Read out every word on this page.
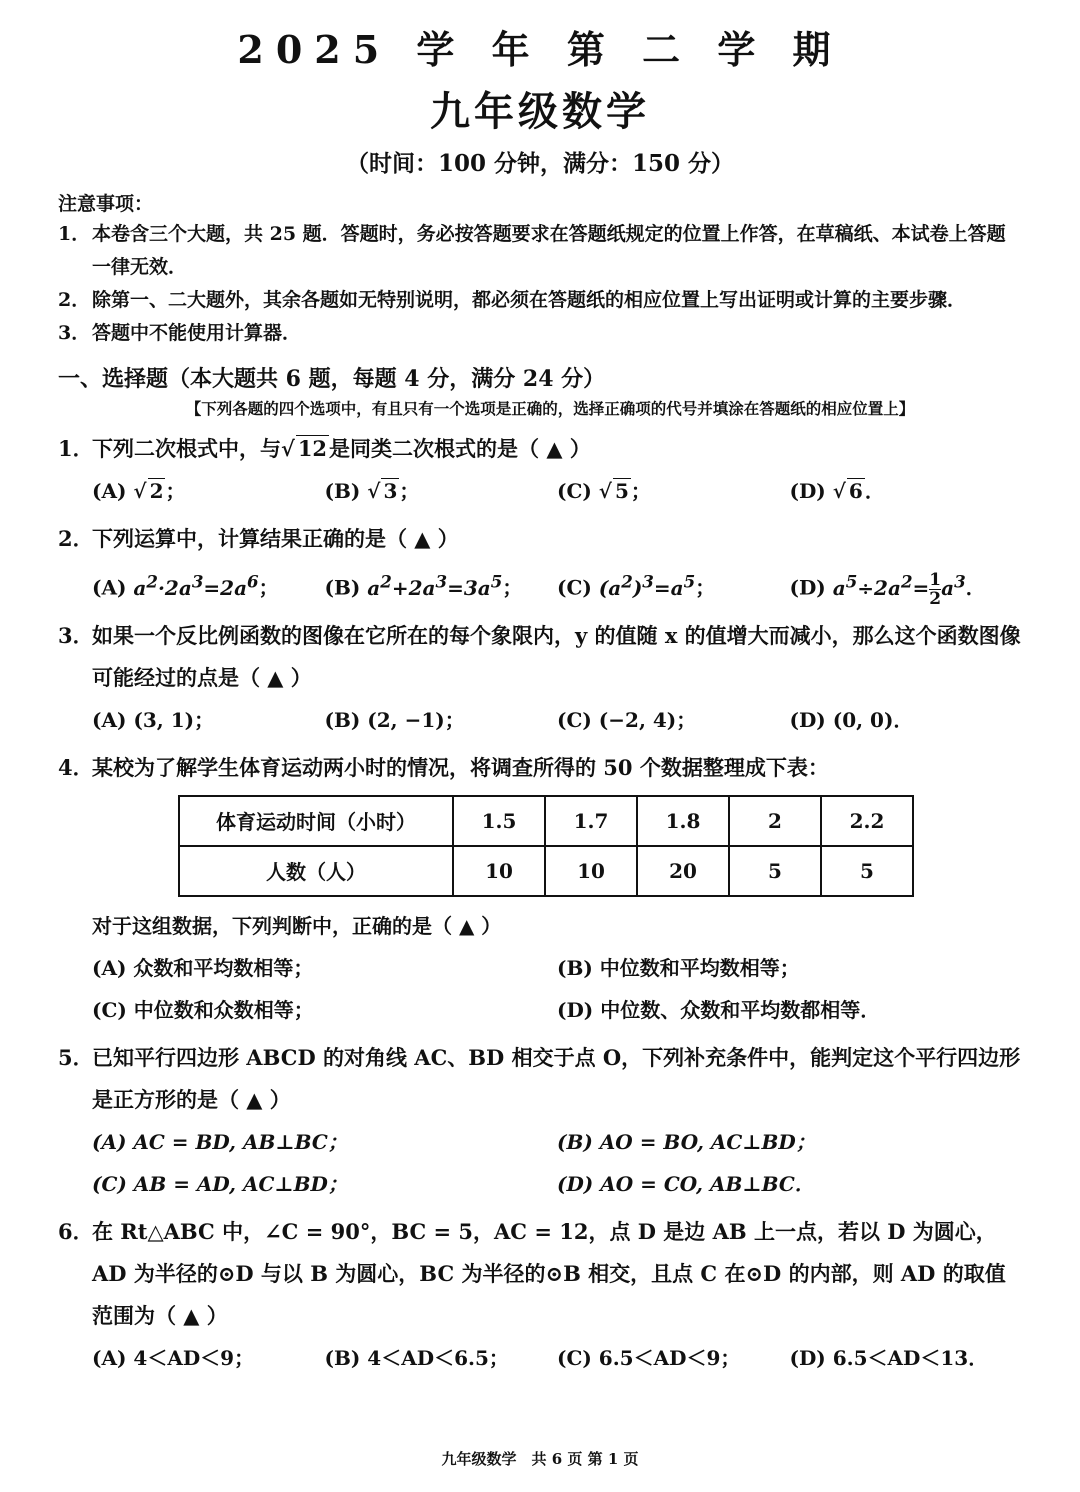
2025 学 年 第 二 学 期
九年级数学
（时间：100 分钟，满分：150 分）
注意事项：
1． 本卷含三个大题，共 25 题．答题时，务必按答题要求在答题纸规定的位置上作答，在草稿纸、本试卷上答题一律无效．
2． 除第一、二大题外，其余各题如无特别说明，都必须在答题纸的相应位置上写出证明或计算的主要步骤．
3． 答题中不能使用计算器．
一、选择题（本大题共 6 题，每题 4 分，满分 24 分）
【下列各题的四个选项中，有且只有一个选项是正确的，选择正确项的代号并填涂在答题纸的相应位置上】
1．
下列二次根式中，与√ 12是同类二次根式的是（ ▲ ）
(A) √ 2 ；	(B) √ 3 ；	(C) √ 5 ；	(D) √ 6 ．
2．
下列运算中，计算结果正确的是（ ▲ ）
(A) $a^2\cdot 2a^3=2a^6$；	(B) $a^2+2a^3=3a^5$；	(C) $(a^2)^3=a^5$；	(D) $a^5\div 2a^2= \frac{1}{2} a^3$．
3．
如果一个反比例函数的图像在它所在的每个象限内，y 的值随 x 的值增大而减小，那么这个函数图像可能经过的点是（ ▲ ）
(A) (3, 1)；	(B) (2, −1)；	(C) (−2, 4)；	(D) (0, 0)．
4．
某校为了解学生体育运动两小时的情况，将调查所得的 50 个数据整理成下表：
体育运动时间（小时）	1.5	1.7	1.8	2	2.2
人数（人）	10	10	20	5	5
对于这组数据，下列判断中，正确的是（ ▲ ）
(A) 众数和平均数相等；	(B) 中位数和平均数相等；
(C) 中位数和众数相等；	(D) 中位数、众数和平均数都相等．
5．
已知平行四边形 ABCD 的对角线 AC、BD 相交于点 O，下列补充条件中，能判定这个平行四边形是正方形的是（ ▲ ）
(A) AC = BD, AB⊥BC；	(B) AO = BO, AC⊥BD；
(C) AB = AD, AC⊥BD；	(D) AO = CO, AB⊥BC．
6．
在 Rt△ABC 中，∠C = 90°，BC = 5，AC = 12，点 D 是边 AB 上一点，若以 D 为圆心，AD 为半径的⊙D 与以 B 为圆心，BC 为半径的⊙B 相交，且点 C 在⊙D 的内部，则 AD 的取值范围为（ ▲ ）
(A) 4＜AD＜9；	(B) 4＜AD＜6.5；	(C) 6.5＜AD＜9；	(D) 6.5＜AD＜13．
九年级数学　共 6 页 第 1 页
